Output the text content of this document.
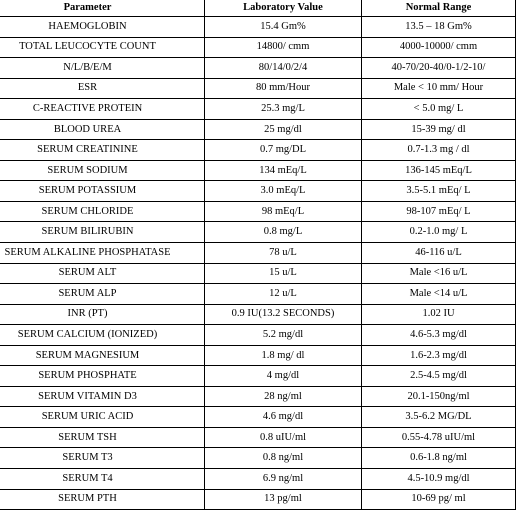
Parameter	Laboratory Value	Normal Range
HAEMOGLOBIN	15.4 Gm%	13.5 – 18 Gm%
TOTAL LEUCOCYTE COUNT	14800/ cmm	4000-10000/ cmm
N/L/B/E/M	80/14/0/2/4	40-70/20-40/0-1/2-10/
ESR	80 mm/Hour	Male < 10 mm/ Hour
C-REACTIVE PROTEIN	25.3 mg/L	< 5.0 mg/ L
BLOOD UREA	25 mg/dl	15-39 mg/ dl
SERUM CREATININE	0.7 mg/DL	0.7-1.3 mg / dl
SERUM SODIUM	134 mEq/L	136-145 mEq/L
SERUM POTASSIUM	3.0 mEq/L	3.5-5.1 mEq/ L
SERUM CHLORIDE	98 mEq/L	98-107 mEq/ L
SERUM BILIRUBIN	0.8 mg/L	0.2-1.0 mg/ L
SERUM ALKALINE PHOSPHATASE	78 u/L	46-116 u/L
SERUM ALT	15 u/L	Male <16 u/L
SERUM ALP	12 u/L	Male <14 u/L
INR (PT)	0.9 IU(13.2 SECONDS)	1.02 IU
SERUM CALCIUM (IONIZED)	5.2 mg/dl	4.6-5.3 mg/dl
SERUM MAGNESIUM	1.8 mg/ dl	1.6-2.3 mg/dl
SERUM PHOSPHATE	4 mg/dl	2.5-4.5 mg/dl
SERUM VITAMIN D3	28 ng/ml	20.1-150ng/ml
SERUM URIC ACID	4.6 mg/dl	3.5-6.2 MG/DL
SERUM TSH	0.8 uIU/ml	0.55-4.78 uIU/ml
SERUM T3	0.8 ng/ml	0.6-1.8 ng/ml
SERUM T4	6.9 ng/ml	4.5-10.9 mg/dl
SERUM PTH	13 pg/ml	10-69 pg/ ml
